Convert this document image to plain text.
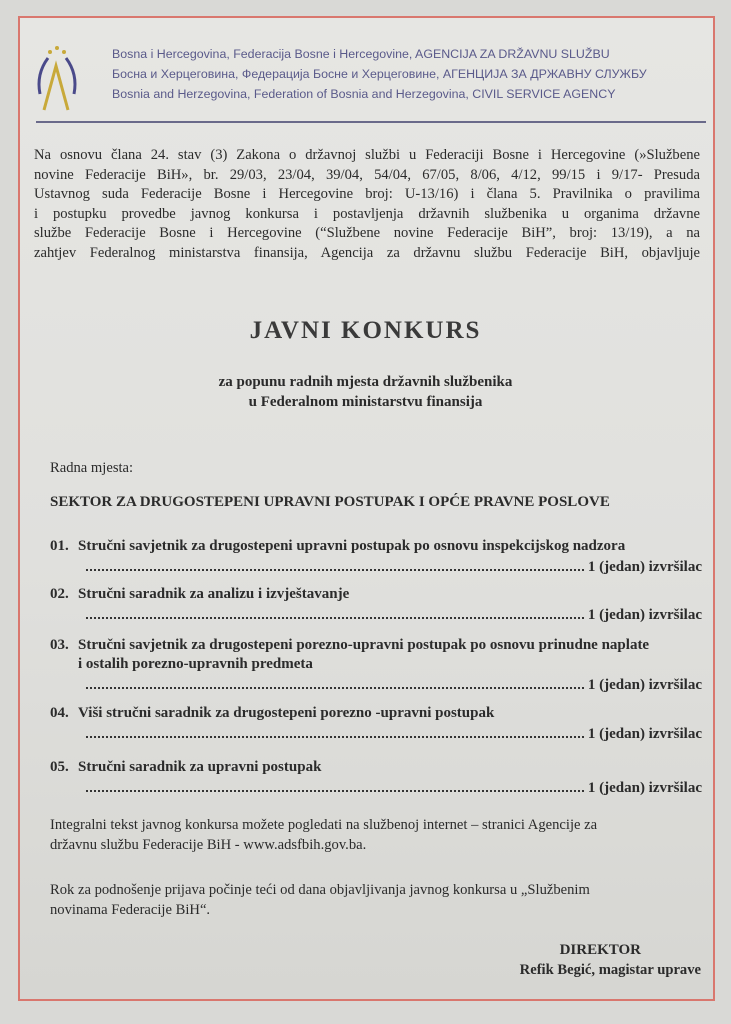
Bosna i Hercegovina, Federacija Bosne i Hercegovine, AGENCIJA ZA DRŽAVNU SLUŽBU
Босна и Херцеговина, Федерација Босне и Херцеговине, АГЕНЦИЈА ЗА ДРЖАВНУ СЛУЖБУ
Bosnia and Herzegovina, Federation of Bosnia and Herzegovina, CIVIL SERVICE AGENCY
Na osnovu člana 24. stav (3) Zakona o državnoj službi u Federaciji Bosne i Hercegovine (»Službene
novine Federacije BiH», br. 29/03, 23/04, 39/04, 54/04, 67/05, 8/06, 4/12, 99/15 i 9/17- Presuda
Ustavnog suda Federacije Bosne i Hercegovine broj: U-13/16) i člana 5. Pravilnika o pravilima
i postupku provedbe javnog konkursa i postavljenja državnih službenika u organima državne
službe Federacije Bosne i Hercegovine (“Službene novine Federacije BiH”, broj: 13/19), a na
zahtjev Federalnog ministarstva finansija, Agencija za državnu službu Federacije BiH, objavljuje
JAVNI KONKURS
za popunu radnih mjesta državnih službenika
u Federalnom ministarstvu finansija
Radna mjesta:
SEKTOR ZA DRUGOSTEPENI UPRAVNI POSTUPAK I OPĆE PRAVNE POSLOVE
01. Stručni savjetnik za drugostepeni upravni postupak po osnovu inspekcijskog nadzora
1 (jedan) izvršilac
02. Stručni saradnik za analizu i izvještavanje
1 (jedan) izvršilac
03. Stručni savjetnik za drugostepeni porezno-upravni postupak po osnovu prinudne naplate
i ostalih porezno-upravnih predmeta
1 (jedan) izvršilac
04. Viši stručni saradnik za drugostepeni porezno -upravni postupak
1 (jedan) izvršilac
05. Stručni saradnik za upravni postupak
1 (jedan) izvršilac
Integralni tekst javnog konkursa možete pogledati na službenoj internet – stranici Agencije za
državnu službu Federacije BiH - www.adsfbih.gov.ba.
Rok za podnošenje prijava počinje teći od dana objavljivanja javnog konkursa u „Službenim
novinama Federacije BiH“.
DIREKTOR
Refik Begić, magistar uprave
